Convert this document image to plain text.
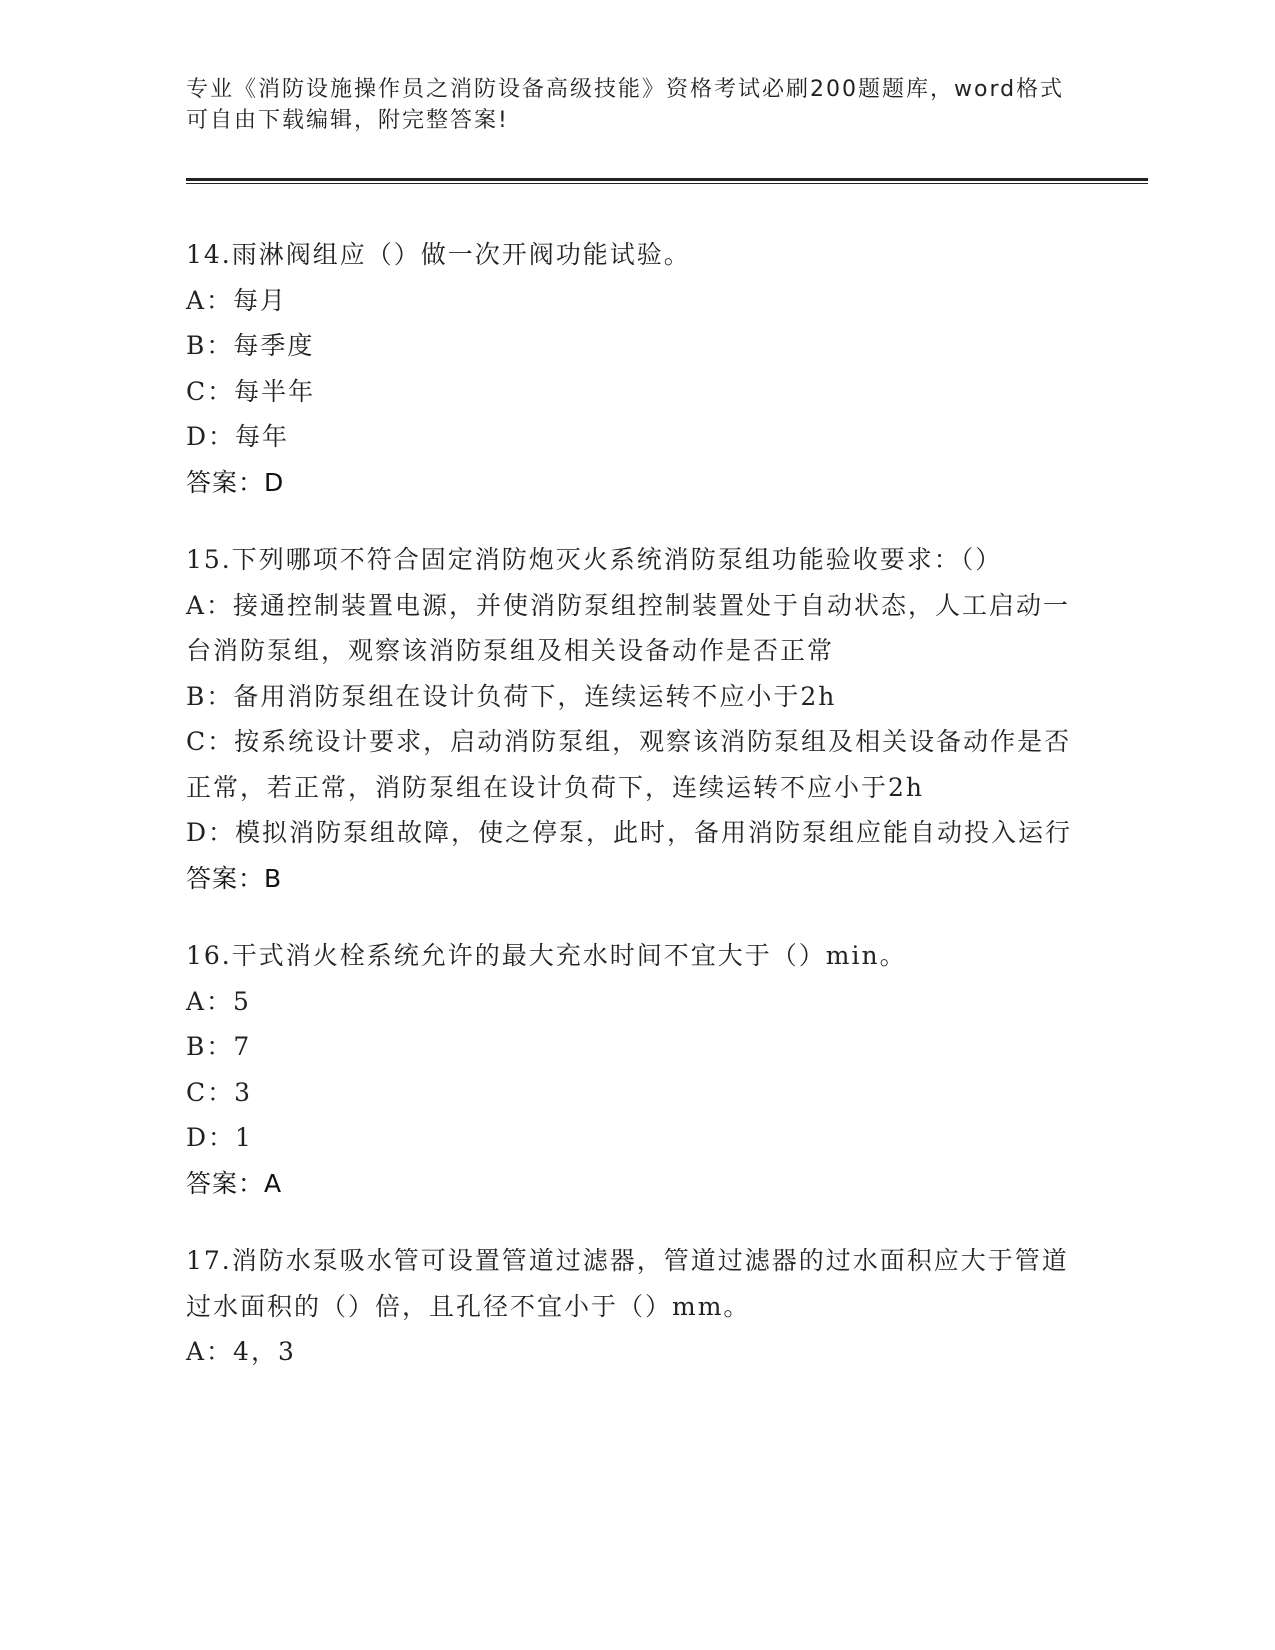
专业《消防设施操作员之消防设备高级技能》资格考试必刷200题题库，word格式可自由下载编辑，附完整答案!
14.雨淋阀组应（）做一次开阀功能试验。
A：每月
B：每季度
C：每半年
D：每年
答案：D
15.下列哪项不符合固定消防炮灭火系统消防泵组功能验收要求：（）
A：接通控制装置电源，并使消防泵组控制装置处于自动状态，人工启动一台消防泵组，观察该消防泵组及相关设备动作是否正常
B：备用消防泵组在设计负荷下，连续运转不应小于2h
C：按系统设计要求，启动消防泵组，观察该消防泵组及相关设备动作是否正常，若正常，消防泵组在设计负荷下，连续运转不应小于2h
D：模拟消防泵组故障，使之停泵，此时，备用消防泵组应能自动投入运行
答案：B
16.干式消火栓系统允许的最大充水时间不宜大于（）min。
A：5
B：7
C：3
D：1
答案：A
17.消防水泵吸水管可设置管道过滤器，管道过滤器的过水面积应大于管道过水面积的（）倍，且孔径不宜小于（）mm。
A：4，3
